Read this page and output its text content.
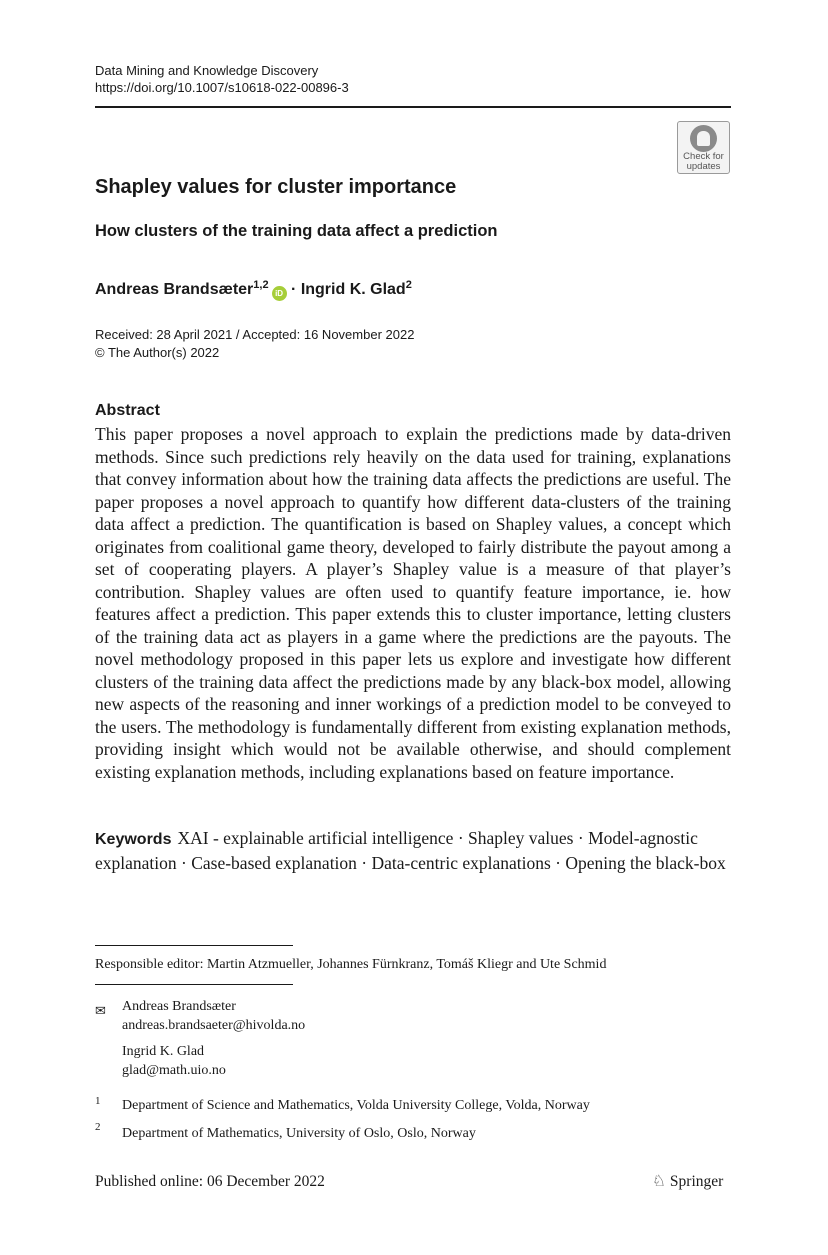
Data Mining and Knowledge Discovery
https://doi.org/10.1007/s10618-022-00896-3
Check for
updates
Shapley values for cluster importance
How clusters of the training data affect a prediction
Andreas Brandsæter$^{1,2}$iD · Ingrid K. Glad$^2$
Received: 28 April 2021 / Accepted: 16 November 2022
© The Author(s) 2022
Abstract
This paper proposes a novel approach to explain the predictions made by data-driven methods. Since such predictions rely heavily on the data used for training, explanations that convey information about how the training data affects the predictions are useful. The paper proposes a novel approach to quantify how different data-clusters of the training data affect a prediction. The quantification is based on Shapley values, a concept which originates from coalitional game theory, developed to fairly distribute the payout among a set of cooperating players. A player’s Shapley value is a measure of that player’s contribution. Shapley values are often used to quantify feature importance, ie. how features affect a prediction. This paper extends this to cluster importance, letting clusters of the training data act as players in a game where the predictions are the payouts. The novel methodology proposed in this paper lets us explore and investigate how different clusters of the training data affect the predictions made by any black-box model, allowing new aspects of the reasoning and inner workings of a prediction model to be conveyed to the users. The methodology is fundamentally different from existing explanation methods, providing insight which would not be available otherwise, and should complement existing explanation methods, including explanations based on feature importance.
Keywords XAI - explainable artificial intelligence · Shapley values · Model-agnostic explanation · Case-based explanation · Data-centric explanations · Opening the black-box
Responsible editor: Martin Atzmueller, Johannes Fürnkranz, Tomáš Kliegr and Ute Schmid
✉ Andreas Brandsæter
andreas.brandsaeter@hivolda.no
Ingrid K. Glad
glad@math.uio.no
1 Department of Science and Mathematics, Volda University College, Volda, Norway
2 Department of Mathematics, University of Oslo, Oslo, Norway
Published online: 06 December 2022	♘ Springer
